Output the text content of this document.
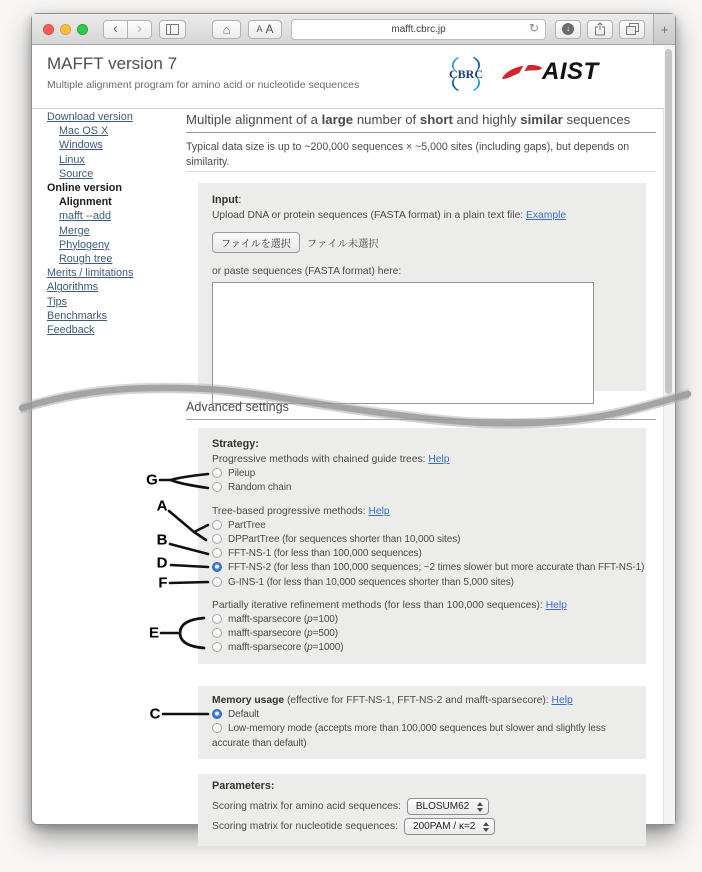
‹ ›	⌂	A A	mafft.cbrc.jp	↻	↓	+
MAFFT version 7
Multiple alignment program for amino acid or nucleotide sequences
CBRC AIST
Download version
Mac OS X
Windows
Linux
Source
Online version
Alignment
mafft --add
Merge
Phylogeny
Rough tree
Merits / limitations
Algorithms
Tips
Benchmarks
Feedback
Multiple alignment of a large number of short and highly similar sequences
Typical data size is up to ~200,000 sequences × ~5,000 sites (including gaps), but depends on similarity.
Input:
Upload DNA or protein sequences (FASTA format) in a plain text file: Example
ファイルを選択	ファイル未選択
or paste sequences (FASTA format) here:
Advanced settings
Strategy:
Progressive methods with chained guide trees: Help
Pileup
Random chain
Tree-based progressive methods: Help
PartTree
DPPartTree (for sequences shorter than 10,000 sites)
FFT-NS-1 (for less than 100,000 sequences)
FFT-NS-2 (for less than 100,000 sequences; ~2 times slower but more accurate than FFT-NS-1)
G-INS-1 (for less than 10,000 sequences shorter than 5,000 sites)
Partially iterative refinement methods (for less than 100,000 sequences): Help
mafft-sparsecore (p=100)
mafft-sparsecore (p=500)
mafft-sparsecore (p=1000)
Memory usage (effective for FFT-NS-1, FFT-NS-2 and mafft-sparsecore): Help
Default
Low-memory mode (accepts more than 100,000 sequences but slower and slightly less accurate than default)
Parameters:
Scoring matrix for amino acid sequences: BLOSUM62
Scoring matrix for nucleotide sequences: 200PAM / κ=2
G
A
B
D
F
E
C
